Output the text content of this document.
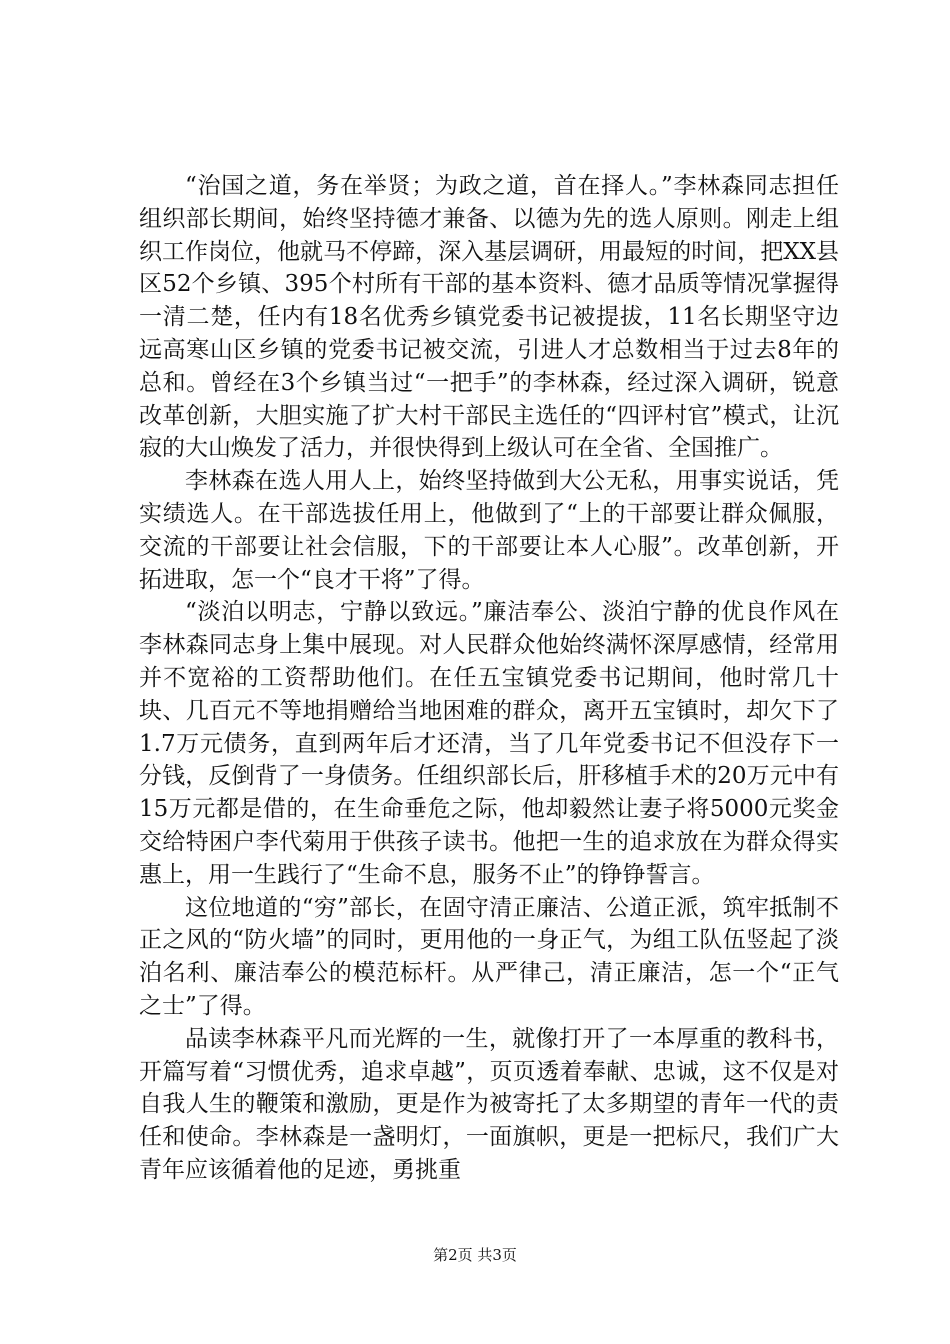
“治国之道，务在举贤；为政之道，首在择人。”李林森同志担任组织部长期间，始终坚持德才兼备、以德为先的选人原则。刚走上组织工作岗位，他就马不停蹄，深入基层调研，用最短的时间，把XX县区52个乡镇、395个村所有干部的基本资料、德才品质等情况掌握得一清二楚，任内有18名优秀乡镇党委书记被提拔，11名长期坚守边远高寒山区乡镇的党委书记被交流，引进人才总数相当于过去8年的总和。曾经在3个乡镇当过“一把手”的李林森，经过深入调研，锐意改革创新，大胆实施了扩大村干部民主选任的“四评村官”模式，让沉寂的大山焕发了活力，并很快得到上级认可在全省、全国推广。

李林森在选人用人上，始终坚持做到大公无私，用事实说话，凭实绩选人。在干部选拔任用上，他做到了“上的干部要让群众佩服，交流的干部要让社会信服，下的干部要让本人心服”。改革创新，开拓进取，怎一个“良才干将”了得。

“淡泊以明志，宁静以致远。”廉洁奉公、淡泊宁静的优良作风在李林森同志身上集中展现。对人民群众他始终满怀深厚感情，经常用并不宽裕的工资帮助他们。在任五宝镇党委书记期间，他时常几十块、几百元不等地捐赠给当地困难的群众，离开五宝镇时，却欠下了1.7万元债务，直到两年后才还清，当了几年党委书记不但没存下一分钱，反倒背了一身债务。任组织部长后，肝移植手术的20万元中有15万元都是借的，在生命垂危之际，他却毅然让妻子将5000元奖金交给特困户李代菊用于供孩子读书。他把一生的追求放在为群众得实惠上，用一生践行了“生命不息，服务不止”的铮铮誓言。

这位地道的“穷”部长，在固守清正廉洁、公道正派，筑牢抵制不正之风的“防火墙”的同时，更用他的一身正气，为组工队伍竖起了淡泊名利、廉洁奉公的模范标杆。从严律己，清正廉洁，怎一个“正气之士”了得。

品读李林森平凡而光辉的一生，就像打开了一本厚重的教科书，开篇写着“习惯优秀，追求卓越”，页页透着奉献、忠诚，这不仅是对自我人生的鞭策和激励，更是作为被寄托了太多期望的青年一代的责任和使命。李林森是一盏明灯，一面旗帜，更是一把标尺，我们广大青年应该循着他的足迹，勇挑重

第2页 共3页
